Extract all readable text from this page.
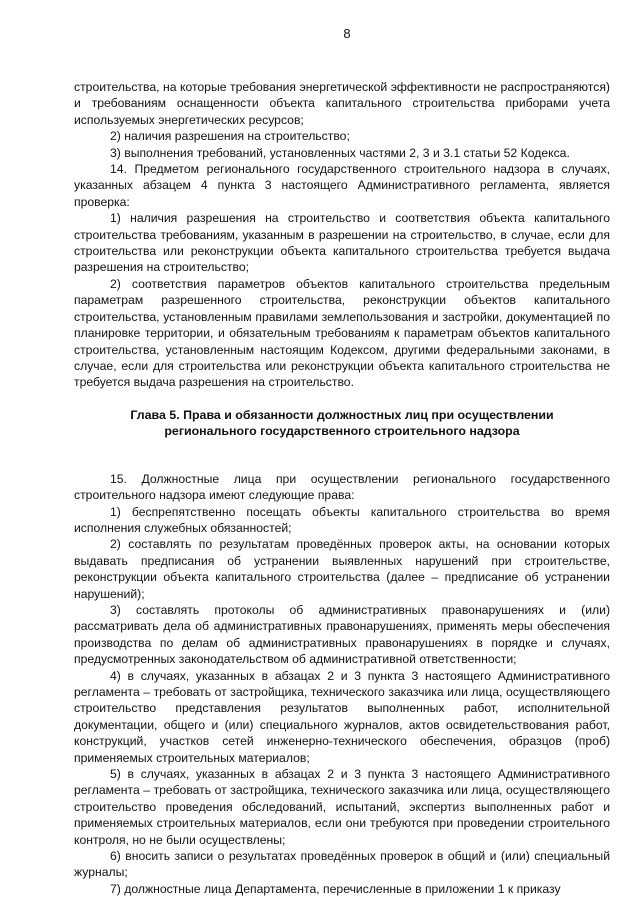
8

строительства, на которые требования энергетической эффективности не распространяются) и требованиям оснащенности объекта капитального строительства приборами учета используемых энергетических ресурсов;

2) наличия разрешения на строительство;

3) выполнения требований, установленных частями 2, 3 и 3.1 статьи 52 Кодекса.

14. Предметом регионального государственного строительного надзора в случаях, указанных абзацем 4 пункта 3 настоящего Административного регламента, является проверка:

1) наличия разрешения на строительство и соответствия объекта капитального строительства требованиям, указанным в разрешении на строительство, в случае, если для строительства или реконструкции объекта капитального строительства требуется выдача разрешения на строительство;

2) соответствия параметров объектов капитального строительства предельным параметрам разрешенного строительства, реконструкции объектов капитального строительства, установленным правилами землепользования и застройки, документацией по планировке территории, и обязательным требованиям к параметрам объектов капитального строительства, установленным настоящим Кодексом, другими федеральными законами, в случае, если для строительства или реконструкции объекта капитального строительства не требуется выдача разрешения на строительство.

Глава 5. Права и обязанности должностных лиц при осуществлении
регионального государственного строительного надзора

15. Должностные лица при осуществлении регионального государственного строительного надзора имеют следующие права:

1) беспрепятственно посещать объекты капитального строительства во время исполнения служебных обязанностей;

2) составлять по результатам проведённых проверок акты, на основании которых выдавать предписания об устранении выявленных нарушений при строительстве, реконструкции объекта капитального строительства (далее – предписание об устранении нарушений);

3) составлять протоколы об административных правонарушениях и (или) рассматривать дела об административных правонарушениях, применять меры обеспечения производства по делам об административных правонарушениях в порядке и случаях, предусмотренных законодательством об административной ответственности;

4) в случаях, указанных в абзацах 2 и 3 пункта 3 настоящего Административного регламента – требовать от застройщика, технического заказчика или лица, осуществляющего строительство представления результатов выполненных работ, исполнительной документации, общего и (или) специального журналов, актов освидетельствования работ, конструкций, участков сетей инженерно-технического обеспечения, образцов (проб) применяемых строительных материалов;

5) в случаях, указанных в абзацах 2 и 3 пункта 3 настоящего Административного регламента – требовать от застройщика, технического заказчика или лица, осуществляющего строительство проведения обследований, испытаний, экспертиз выполненных работ и применяемых строительных материалов, если они требуются при проведении строительного контроля, но не были осуществлены;

6) вносить записи о результатах проведённых проверок в общий и (или) специальный журналы;

7) должностные лица Департамента, перечисленные в приложении 1 к приказу
